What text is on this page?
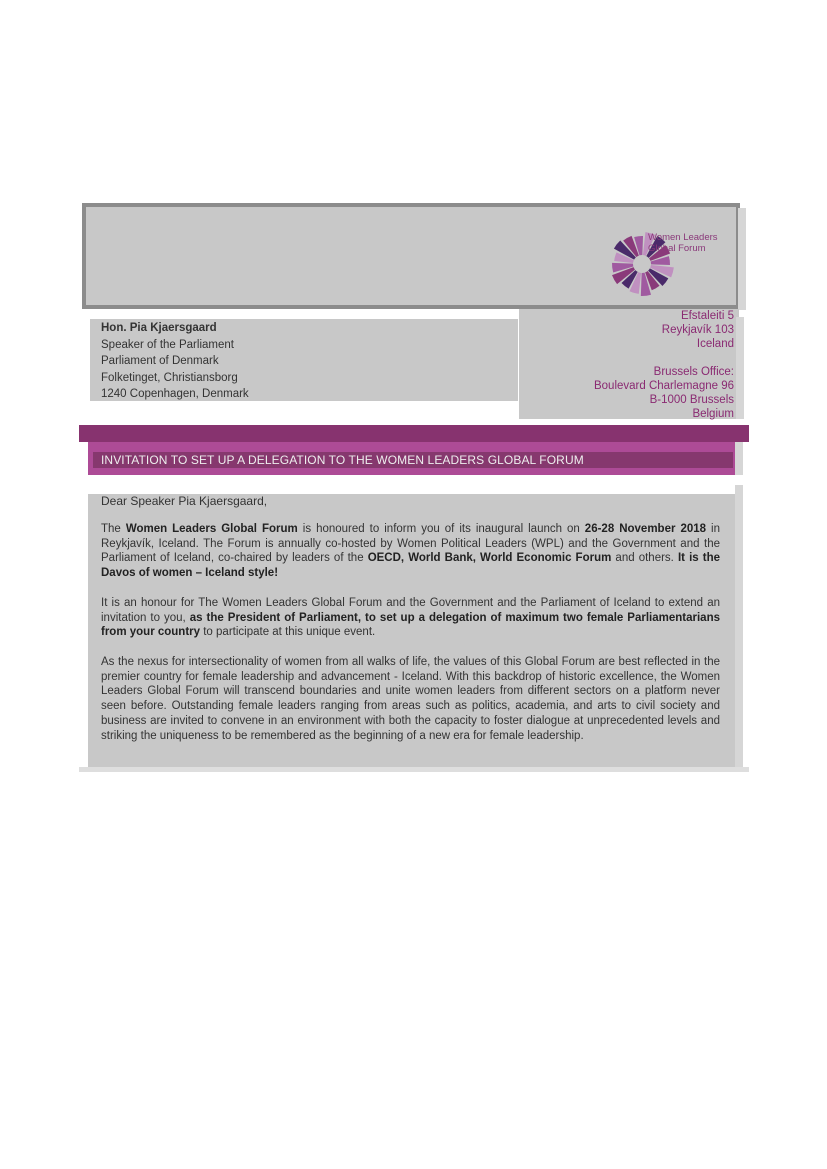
Women Leaders
Global Forum
Hon. Pia Kjaersgaard
Speaker of the Parliament
Parliament of Denmark
Folketinget, Christiansborg
1240 Copenhagen, Denmark
Efstaleiti 5
Reykjavík 103
Iceland

Brussels Office:
Boulevard Charlemagne 96
B-1000 Brussels
Belgium
INVITATION TO SET UP A DELEGATION TO THE WOMEN LEADERS GLOBAL FORUM
Dear Speaker Pia Kjaersgaard,
The Women Leaders Global Forum is honoured to inform you of its inaugural launch on 26-28 November 2018 in Reykjavík, Iceland. The Forum is annually co-hosted by Women Political Leaders (WPL) and the Government and the Parliament of Iceland, co-chaired by leaders of the OECD, World Bank, World Economic Forum and others. It is the Davos of women – Iceland style!
It is an honour for The Women Leaders Global Forum and the Government and the Parliament of Iceland to extend an invitation to you, as the President of Parliament, to set up a delegation of maximum two female Parliamentarians from your country to participate at this unique event.
As the nexus for intersectionality of women from all walks of life, the values of this Global Forum are best reflected in the premier country for female leadership and advancement - Iceland. With this backdrop of historic excellence, the Women Leaders Global Forum will transcend boundaries and unite women leaders from different sectors on a platform never seen before. Outstanding female leaders ranging from areas such as politics, academia, and arts to civil society and business are invited to convene in an environment with both the capacity to foster dialogue at unprecedented levels and striking the uniqueness to be remembered as the beginning of a new era for female leadership.
